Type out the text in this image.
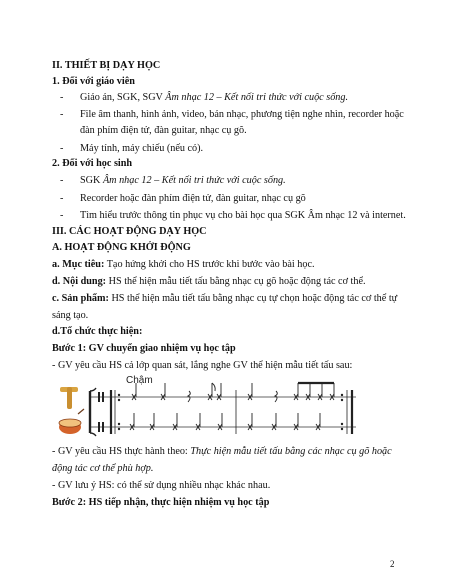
II. THIẾT BỊ DẠY HỌC
1. Đối với giáo viên
- Giáo án, SGK, SGV Âm nhạc 12 – Kết nối tri thức với cuộc sống.
- File âm thanh, hình ảnh, video, bản nhạc, phương tiện nghe nhìn, recorder hoặc
đàn phím điện tử, đàn guitar, nhạc cụ gõ.
- Máy tính, máy chiếu (nếu có).
2. Đối với học sinh
- SGK Âm nhạc 12 – Kết nối tri thức với cuộc sống.
- Recorder hoặc đàn phím điện tử, đàn guitar, nhạc cụ gõ
- Tìm hiểu trước thông tin phục vụ cho bài học qua SGK Âm nhạc 12 và internet.
III. CÁC HOẠT ĐỘNG DẠY HỌC
A. HOẠT ĐỘNG KHỞI ĐỘNG
a. Mục tiêu: Tạo hứng khởi cho HS trước khi bước vào bài học.
d. Nội dung: HS thể hiện mẫu tiết tấu bằng nhạc cụ gõ hoặc động tác cơ thể.
c. Sản phẩm: HS thể hiện mẫu tiết tấu bằng nhạc cụ tự chọn hoặc động tác cơ thể tự
sáng tạo.
d.Tổ chức thực hiện:
Bước 1: GV chuyển giao nhiệm vụ học tập
- GV yêu cầu HS cả lớp quan sát, lắng nghe GV thể hiện mẫu tiết tấu sau:
Chậm
- GV yêu cầu HS thực hành theo: Thực hiện mẫu tiết tấu bằng các nhạc cụ gõ hoặc
động tác cơ thể phù hợp.
- GV lưu ý HS: có thể sử dụng nhiều nhạc khác nhau.
Bước 2: HS tiếp nhận, thực hiện nhiệm vụ học tập
2
